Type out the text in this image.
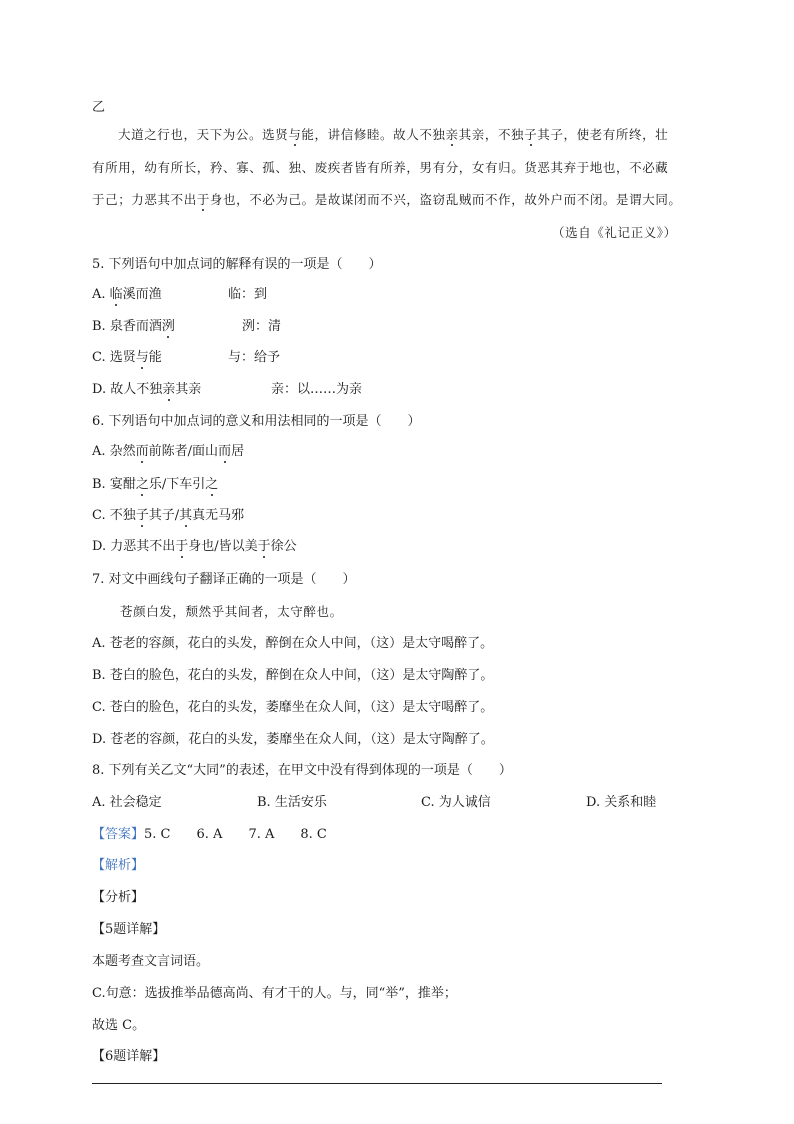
乙
大道之行也，天下为公。选贤与能，讲信修睦。故人不独亲其亲，不独子其子，使老有所终，壮
有所用，幼有所长，矜、寡、孤、独、废疾者皆有所养，男有分，女有归。货恶其弃于地也，不必藏
于己；力恶其不出于身也，不必为己。是故谋闭而不兴，盗窃乱贼而不作，故外户而不闭。是谓大同。
（选自《礼记正义》）
5. 下列语句中加点词的解释有误的一项是（　　）
A. 临溪而渔	临：到
B. 泉香而酒洌	洌：清
C. 选贤与能	与：给予
D. 故人不独亲其亲	亲：以……为亲
6. 下列语句中加点词的意义和用法相同的一项是（　　）
A. 杂然而前陈者/面山而居
B. 宴酣之乐/下车引之
C. 不独子其子/其真无马邪
D. 力恶其不出于身也/皆以美于徐公
7. 对文中画线句子翻译正确的一项是（　　）
苍颜白发，颓然乎其间者，太守醉也。
A. 苍老的容颜，花白的头发，醉倒在众人中间，（这）是太守喝醉了。
B. 苍白的脸色，花白的头发，醉倒在众人中间，（这）是太守陶醉了。
C. 苍白的脸色，花白的头发，萎靡坐在众人间，（这）是太守喝醉了。
D. 苍老的容颜，花白的头发，萎靡坐在众人间，（这）是太守陶醉了。
8. 下列有关乙文“大同”的表述，在甲文中没有得到体现的一项是（　　）
A. 社会稳定	B. 生活安乐	C. 为人诚信	D. 关系和睦
【答案】5. C 6. A 7. A 8. C
【解析】
【分析】
【5题详解】
本题考查文言词语。
C.句意：选拔推举品德高尚、有才干的人。与，同“举”，推举；
故选 C。
【6题详解】
